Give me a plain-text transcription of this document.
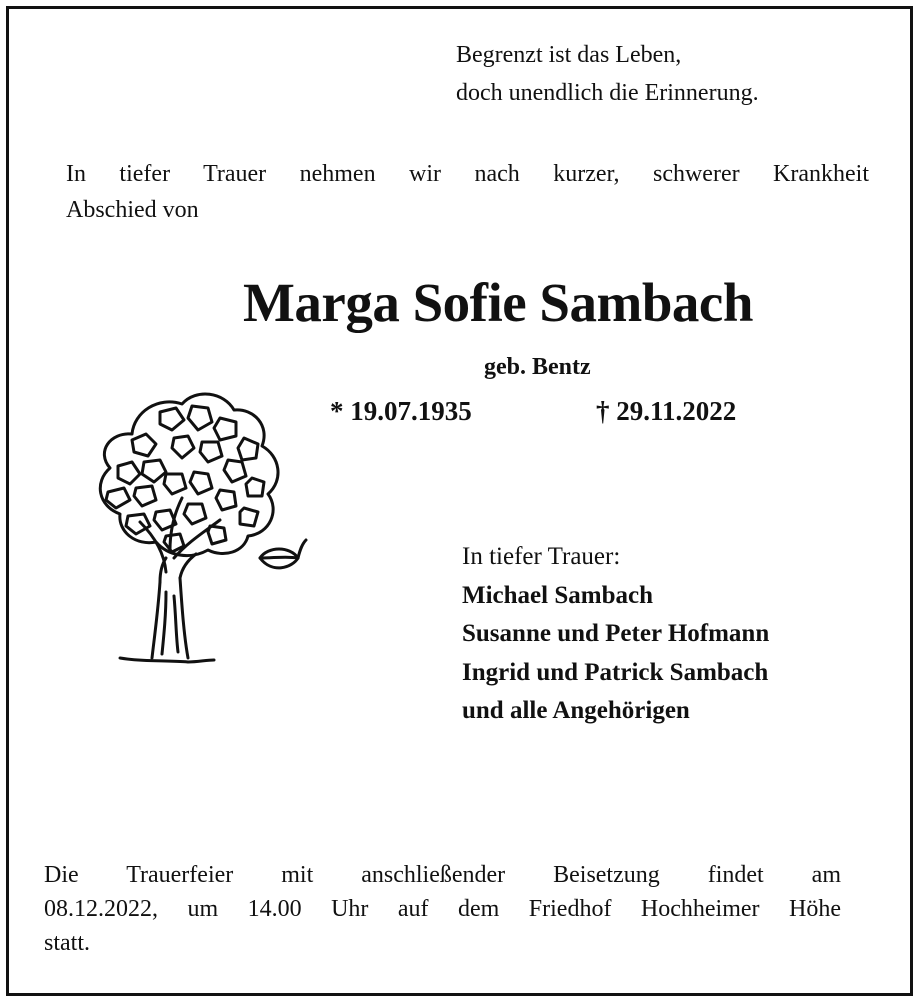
Begrenzt ist das Leben,
doch unendlich die Erinnerung.
In tiefer Trauer nehmen wir nach kurzer, schwerer Krankheit
Abschied von
Marga Sofie Sambach
geb. Bentz
* 19.07.1935	† 29.11.2022
In tiefer Trauer:
Michael Sambach
Susanne und Peter Hofmann
Ingrid und Patrick Sambach
und alle Angehörigen
Die Trauerfeier mit anschließender Beisetzung findet am
08.12.2022, um 14.00 Uhr auf dem Friedhof Hochheimer Höhe
statt.
